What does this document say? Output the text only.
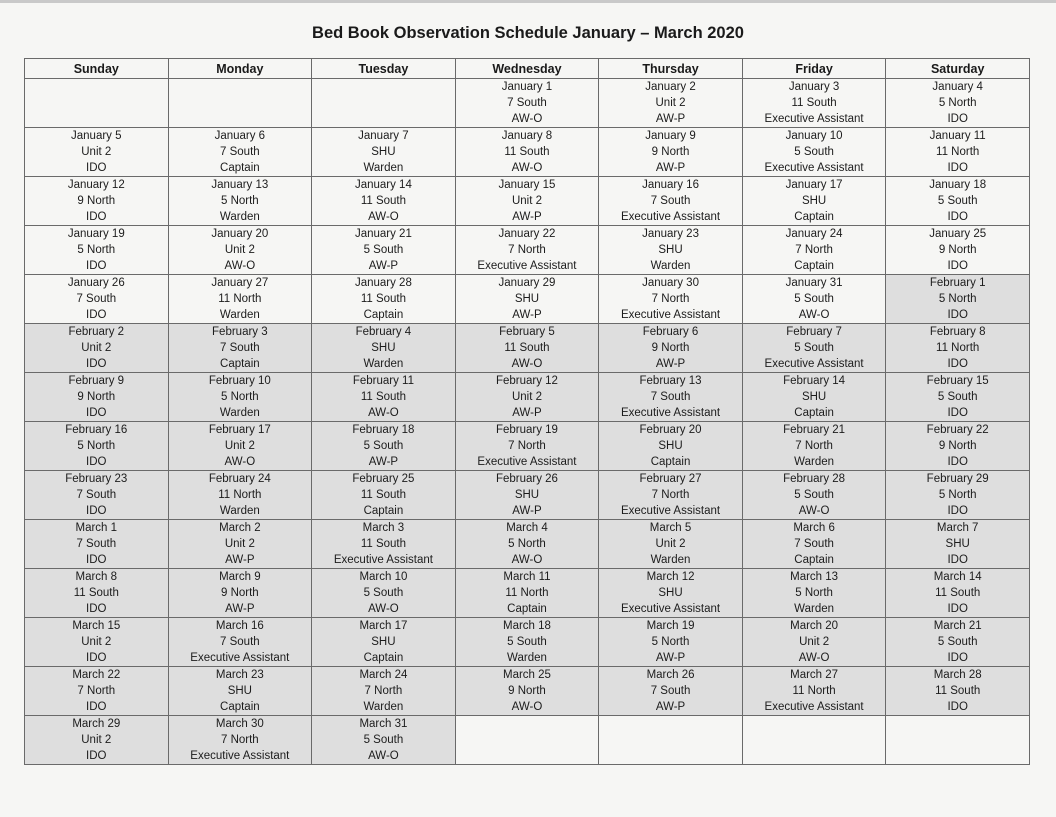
Bed Book Observation Schedule January – March 2020
Sunday	Monday	Tuesday	Wednesday	Thursday	Friday	Saturday

			January 1
7 South
AW-O	January 2
Unit 2
AW-P	January 3
11 South
Executive Assistant	January 4
5 North
IDO

January 5
Unit 2
IDO	January 6
7 South
Captain	January 7
SHU
Warden	January 8
11 South
AW-O	January 9
9 North
AW-P	January 10
5 South
Executive Assistant	January 11
11 North
IDO

January 12
9 North
IDO	January 13
5 North
Warden	January 14
11 South
AW-O	January 15
Unit 2
AW-P	January 16
7 South
Executive Assistant	January 17
SHU
Captain	January 18
5 South
IDO

January 19
5 North
IDO	January 20
Unit 2
AW-O	January 21
5 South
AW-P	January 22
7 North
Executive Assistant	January 23
SHU
Warden	January 24
7 North
Captain	January 25
9 North
IDO

January 26
7 South
IDO	January 27
11 North
Warden	January 28
11 South
Captain	January 29
SHU
AW-P	January 30
7 North
Executive Assistant	January 31
5 South
AW-O	February 1
5 North
IDO

February 2
Unit 2
IDO	February 3
7 South
Captain	February 4
SHU
Warden	February 5
11 South
AW-O	February 6
9 North
AW-P	February 7
5 South
Executive Assistant	February 8
11 North
IDO

February 9
9 North
IDO	February 10
5 North
Warden	February 11
11 South
AW-O	February 12
Unit 2
AW-P	February 13
7 South
Executive Assistant	February 14
SHU
Captain	February 15
5 South
IDO

February 16
5 North
IDO	February 17
Unit 2
AW-O	February 18
5 South
AW-P	February 19
7 North
Executive Assistant	February 20
SHU
Captain	February 21
7 North
Warden	February 22
9 North
IDO

February 23
7 South
IDO	February 24
11 North
Warden	February 25
11 South
Captain	February 26
SHU
AW-P	February 27
7 North
Executive Assistant	February 28
5 South
AW-O	February 29
5 North
IDO

March 1
7 South
IDO	March 2
Unit 2
AW-P	March 3
11 South
Executive Assistant	March 4
5 North
AW-O	March 5
Unit 2
Warden	March 6
7 South
Captain	March 7
SHU
IDO

March 8
11 South
IDO	March 9
9 North
AW-P	March 10
5 South
AW-O	March 11
11 North
Captain	March 12
SHU
Executive Assistant	March 13
5 North
Warden	March 14
11 South
IDO

March 15
Unit 2
IDO	March 16
7 South
Executive Assistant	March 17
SHU
Captain	March 18
5 South
Warden	March 19
5 North
AW-P	March 20
Unit 2
AW-O	March 21
5 South
IDO

March 22
7 North
IDO	March 23
SHU
Captain	March 24
7 North
Warden	March 25
9 North
AW-O	March 26
7 South
AW-P	March 27
11 North
Executive Assistant	March 28
11 South
IDO

March 29
Unit 2
IDO	March 30
7 North
Executive Assistant	March 31
5 South
AW-O				
